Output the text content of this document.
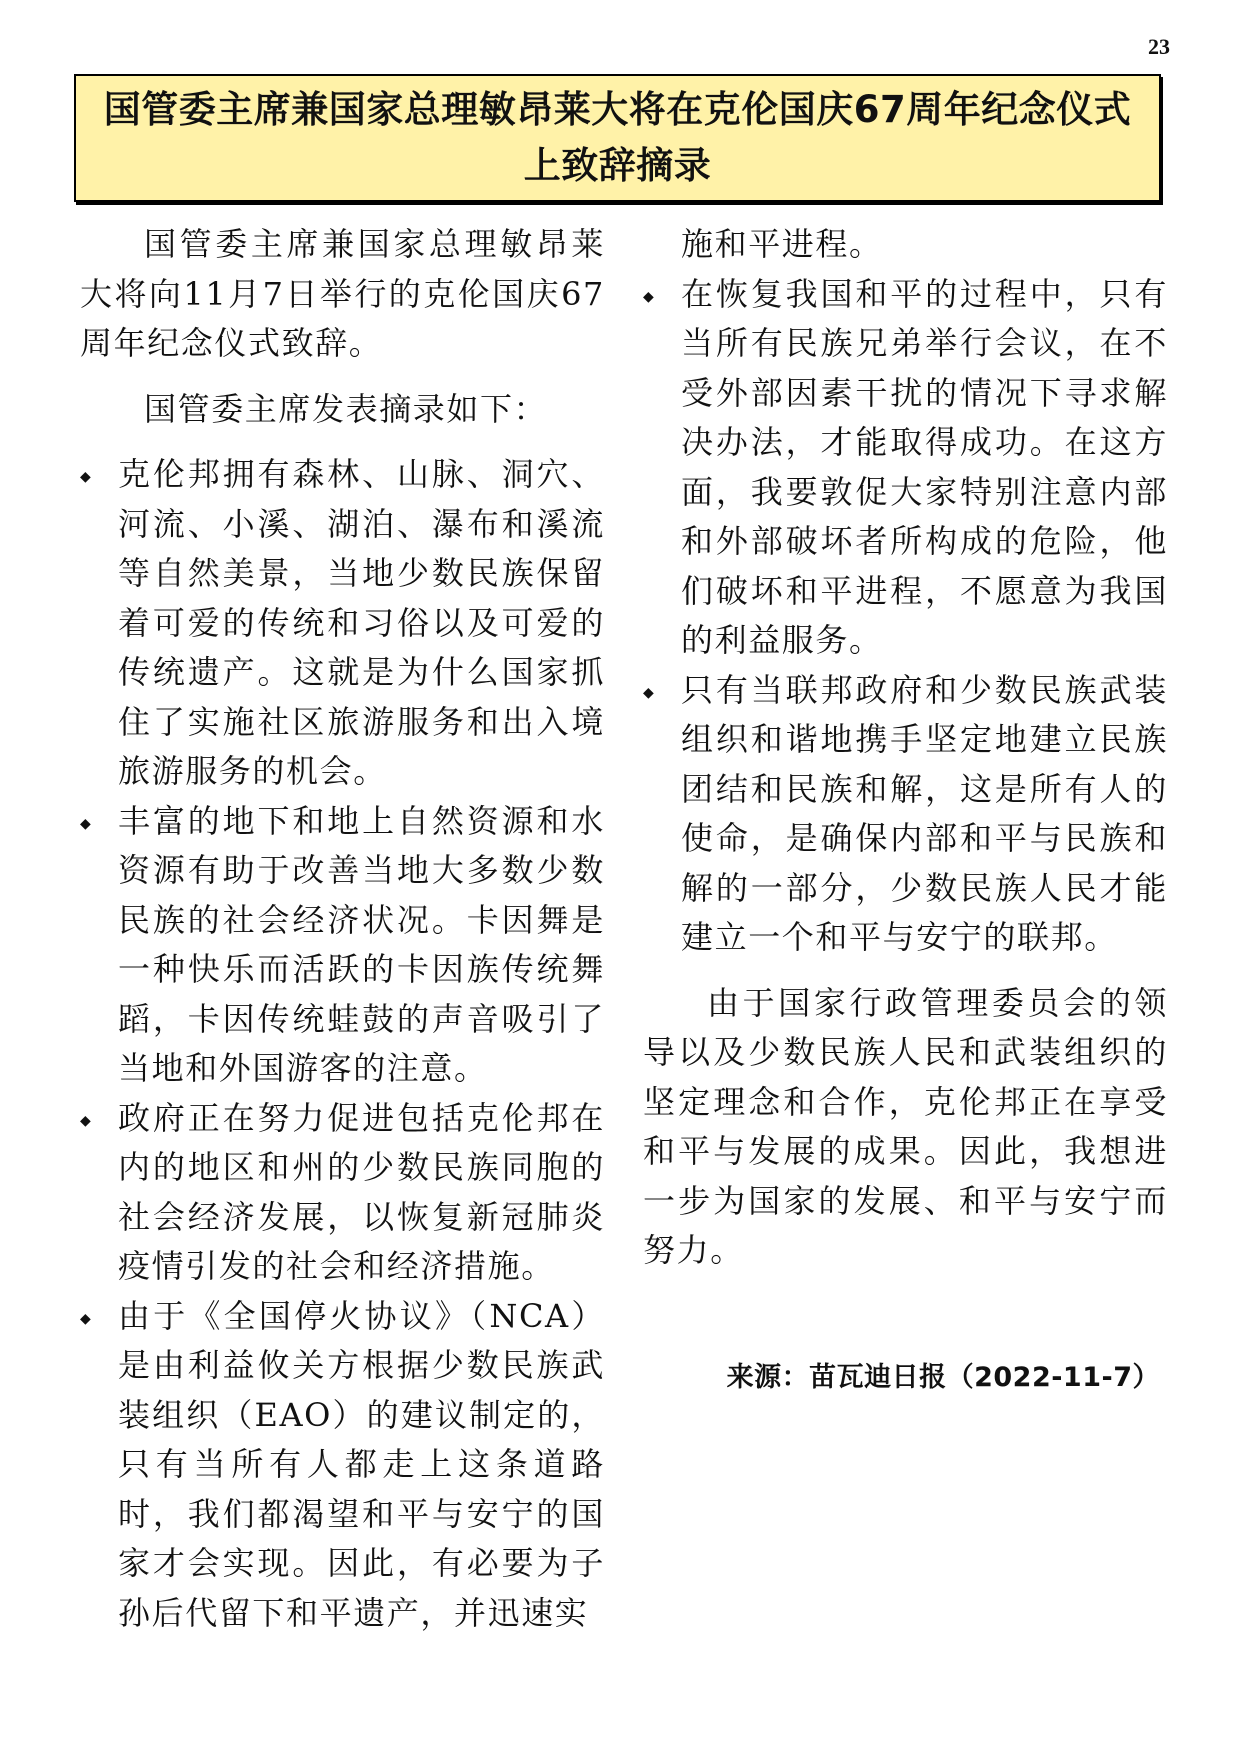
23
国管委主席兼国家总理敏昂莱大将在克伦国庆67周年纪念仪式上致辞摘录

国管委主席兼国家总理敏昂莱大将向11月7日举行的克伦国庆67周年纪念仪式致辞。

国管委主席发表摘录如下：

◆ 克伦邦拥有森林、山脉、洞穴、河流、小溪、湖泊、瀑布和溪流等自然美景，当地少数民族保留着可爱的传统和习俗以及可爱的传统遗产。这就是为什么国家抓住了实施社区旅游服务和出入境旅游服务的机会。
◆ 丰富的地下和地上自然资源和水资源有助于改善当地大多数少数民族的社会经济状况。卡因舞是一种快乐而活跃的卡因族传统舞蹈，卡因传统蛙鼓的声音吸引了当地和外国游客的注意。
◆ 政府正在努力促进包括克伦邦在内的地区和州的少数民族同胞的社会经济发展，以恢复新冠肺炎疫情引发的社会和经济措施。
◆ 由于《全国停火协议》（NCA）是由利益攸关方根据少数民族武装组织（EAO）的建议制定的，只有当所有人都走上这条道路时，我们都渴望和平与安宁的国家才会实现。因此，有必要为子孙后代留下和平遗产，并迅速实

施和平进程。

◆ 在恢复我国和平的过程中，只有当所有民族兄弟举行会议，在不受外部因素干扰的情况下寻求解决办法，才能取得成功。在这方面，我要敦促大家特别注意内部和外部破坏者所构成的危险，他们破坏和平进程，不愿意为我国的利益服务。
◆ 只有当联邦政府和少数民族武装组织和谐地携手坚定地建立民族团结和民族和解，这是所有人的使命，是确保内部和平与民族和解的一部分，少数民族人民才能建立一个和平与安宁的联邦。

由于国家行政管理委员会的领导以及少数民族人民和武装组织的坚定理念和合作，克伦邦正在享受和平与发展的成果。因此，我想进一步为国家的发展、和平与安宁而努力。

来源：苗瓦迪日报（2022-11-7）
